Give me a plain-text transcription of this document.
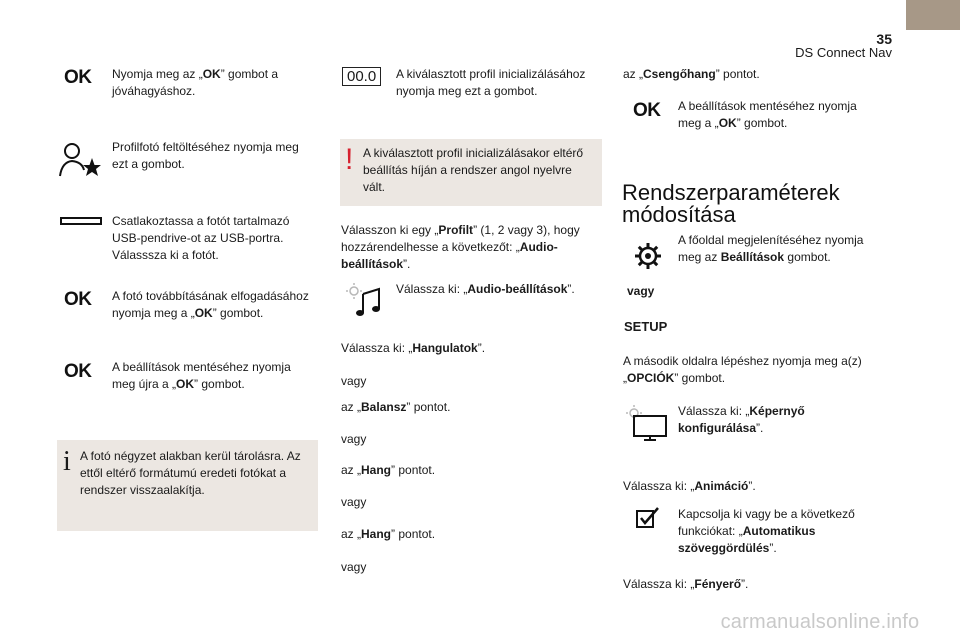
35
DS Connect Nav
OK Nyomja meg az „OK” gombot a jóváhagyáshoz.
Profilfotó feltöltéséhez nyomja meg ezt a gombot.
Csatlakoztassa a fotót tartalmazó USB-pendrive-ot az USB-portra. Válasssza ki a fotót.
OK A fotó továbbításának elfogadásához nyomja meg a „OK” gombot.
OK A beállítások mentéséhez nyomja meg újra a „OK” gombot.
i A fotó négyzet alakban kerül tárolásra. Az ettől eltérő formátumú eredeti fotókat a rendszer visszaalakítja.
00.0	A kiválasztott profil inicializálásához nyomja meg ezt a gombot.
! A kiválasztott profil inicializálásakor eltérő beállítás híján a rendszer angol nyelvre vált.
Válasszon ki egy „Profilt” (1, 2 vagy 3), hogy hozzárendelhesse a következőt: „Audio-beállítások”.
Válassza ki: „Audio-beállítások”.
Válassza ki: „Hangulatok”.
vagy
az „Balansz” pontot.
vagy
az „Hang” pontot.
vagy
az „Hang” pontot.
vagy
az „Csengőhang” pontot.
OK A beállítások mentéséhez nyomja meg a „OK” gombot.
Rendszerparaméterek
módosítása
A főoldal megjelenítéséhez nyomja meg az Beállítások gombot.
vagy
SETUP
A második oldalra lépéshez nyomja meg a(z) „OPCIÓK” gombot.
Válassza ki: „Képernyő konfigurálása”.
Válassza ki: „Animáció”.
Kapcsolja ki vagy be a következő funkciókat: „Automatikus szöveggördülés”.
Válassza ki: „Fényerő”.
carmanualsonline.info
